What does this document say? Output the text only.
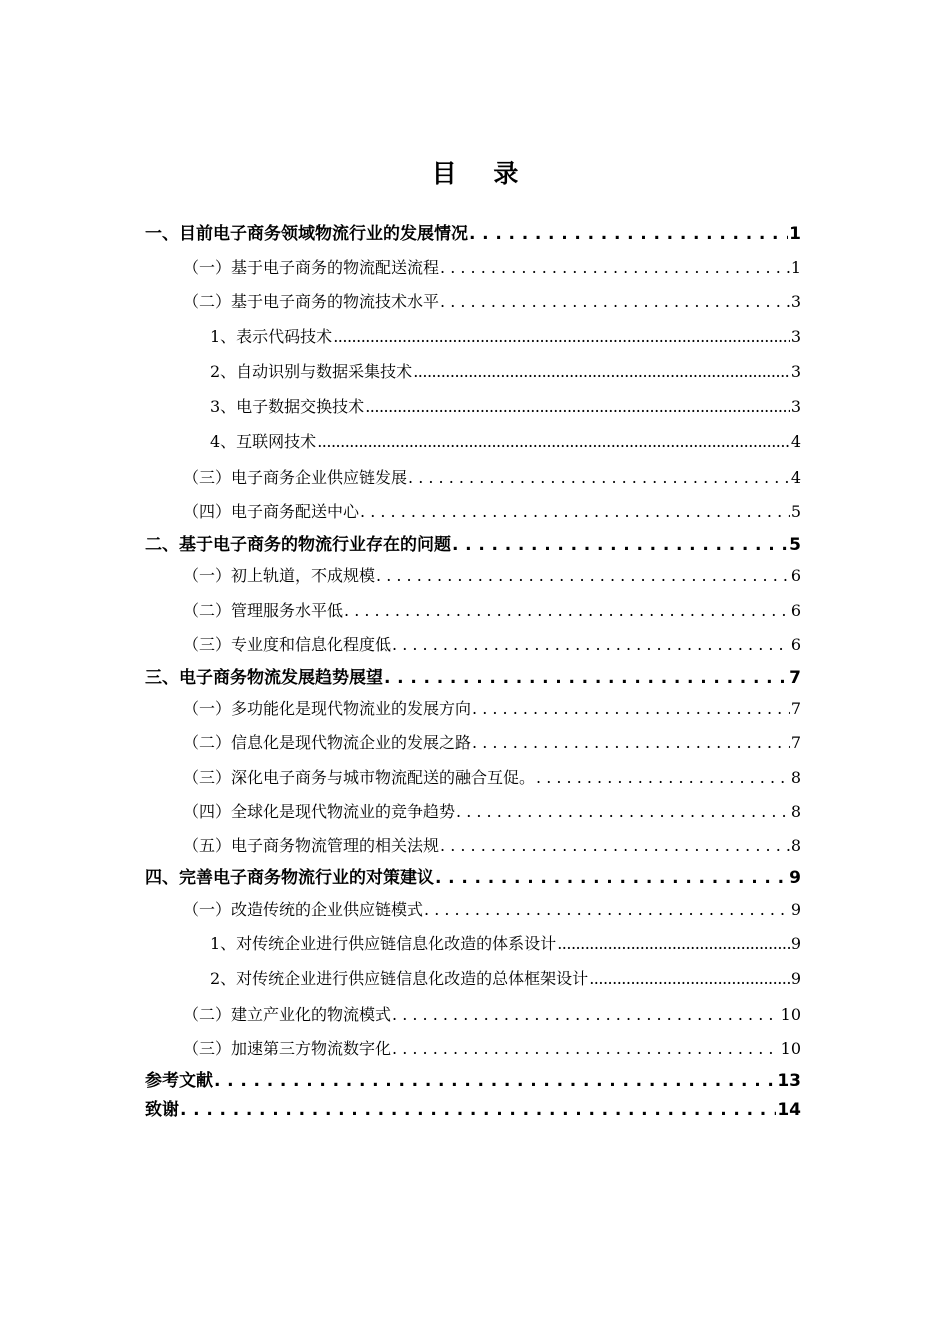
目 录
一、目前电子商务领域物流行业的发展情况 . . .	1
（一）基于电子商务的物流配送流程 . . .	1
（二）基于电子商务的物流技术水平 . . .	3
1、表示代码技术 .....	3
2、自动识别与数据采集技术 .....	3
3、电子数据交换技术 .....	3
4、互联网技术 .....	4
（三）电子商务企业供应链发展 . . .	4
（四）电子商务配送中心 . . .	5
二、基于电子商务的物流行业存在的问题 . . .	5
（一）初上轨道，不成规模 . . .	6
（二）管理服务水平低 . . .	6
（三）专业度和信息化程度低 . . .	6
三、电子商务物流发展趋势展望 . . .	7
（一）多功能化是现代物流业的发展方向 . . .	7
（二）信息化是现代物流企业的发展之路 . . .	7
（三）深化电子商务与城市物流配送的融合互促。 . . .	8
（四）全球化是现代物流业的竞争趋势 . . .	8
（五）电子商务物流管理的相关法规 . . .	8
四、完善电子商务物流行业的对策建议 . . .	9
（一）改造传统的企业供应链模式 . . .	9
1、对传统企业进行供应链信息化改造的体系设计 .....	9
2、对传统企业进行供应链信息化改造的总体框架设计 .....	9
（二）建立产业化的物流模式 . . .	10
（三）加速第三方物流数字化 . . .	10
参考文献 . . .	13
致谢 . . .	14
